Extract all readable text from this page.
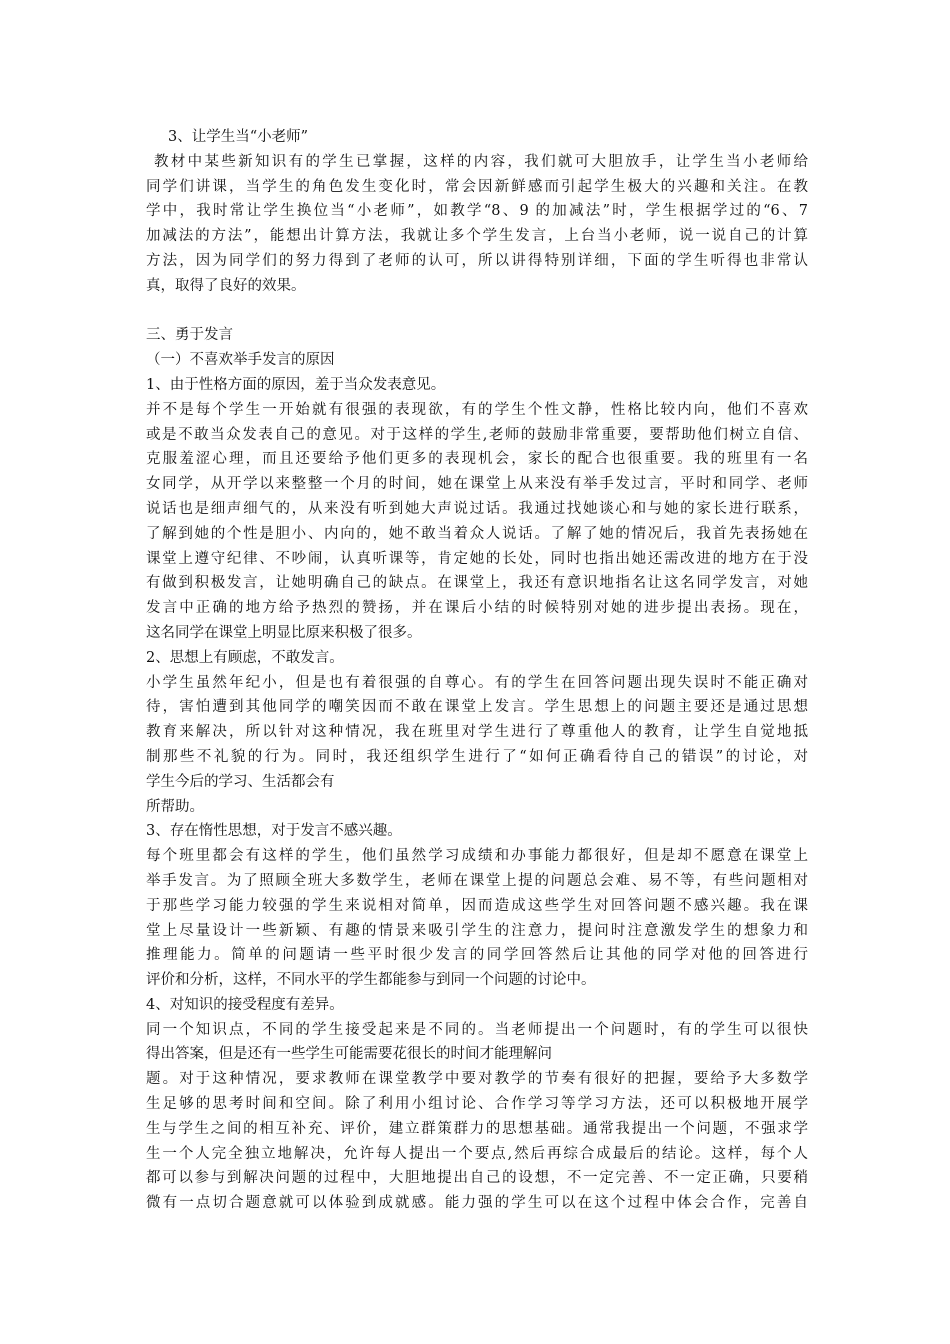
3、让学生当“小老师”
教材中某些新知识有的学生已掌握，这样的内容，我们就可大胆放手，让学生当小老师给
同学们讲课，当学生的角色发生变化时，常会因新鲜感而引起学生极大的兴趣和关注。在教
学中，我时常让学生换位当“小老师”，如教学“8、9 的加减法”时，学生根据学过的“6、7
加减法的方法”，能想出计算方法，我就让多个学生发言，上台当小老师，说一说自己的计算
方法，因为同学们的努力得到了老师的认可，所以讲得特别详细，下面的学生听得也非常认
真，取得了良好的效果。
三、勇于发言
（一）不喜欢举手发言的原因
1、由于性格方面的原因，羞于当众发表意见。
并不是每个学生一开始就有很强的表现欲，有的学生个性文静，性格比较内向，他们不喜欢
或是不敢当众发表自己的意见。对于这样的学生,老师的鼓励非常重要，要帮助他们树立自信、
克服羞涩心理，而且还要给予他们更多的表现机会，家长的配合也很重要。我的班里有一名
女同学，从开学以来整整一个月的时间，她在课堂上从来没有举手发过言，平时和同学、老师
说话也是细声细气的，从来没有听到她大声说过话。我通过找她谈心和与她的家长进行联系，
了解到她的个性是胆小、内向的，她不敢当着众人说话。了解了她的情况后，我首先表扬她在
课堂上遵守纪律、不吵闹，认真听课等，肯定她的长处，同时也指出她还需改进的地方在于没
有做到积极发言，让她明确自己的缺点。在课堂上，我还有意识地指名让这名同学发言，对她
发言中正确的地方给予热烈的赞扬，并在课后小结的时候特别对她的进步提出表扬。现在，
这名同学在课堂上明显比原来积极了很多。
2、思想上有顾虑，不敢发言。
小学生虽然年纪小，但是也有着很强的自尊心。有的学生在回答问题出现失误时不能正确对
待，害怕遭到其他同学的嘲笑因而不敢在课堂上发言。学生思想上的问题主要还是通过思想
教育来解决，所以针对这种情况，我在班里对学生进行了尊重他人的教育，让学生自觉地抵
制那些不礼貌的行为。同时，我还组织学生进行了“如何正确看待自己的错误”的讨论，对
学生今后的学习、生活都会有
所帮助。
3、存在惰性思想，对于发言不感兴趣。
每个班里都会有这样的学生，他们虽然学习成绩和办事能力都很好，但是却不愿意在课堂上
举手发言。为了照顾全班大多数学生，老师在课堂上提的问题总会难、易不等，有些问题相对
于那些学习能力较强的学生来说相对简单，因而造成这些学生对回答问题不感兴趣。我在课
堂上尽量设计一些新颖、有趣的情景来吸引学生的注意力，提问时注意激发学生的想象力和
推理能力。简单的问题请一些平时很少发言的同学回答然后让其他的同学对他的回答进行
评价和分析，这样，不同水平的学生都能参与到同一个问题的讨论中。
4、对知识的接受程度有差异。
同一个知识点，不同的学生接受起来是不同的。当老师提出一个问题时，有的学生可以很快
得出答案，但是还有一些学生可能需要花很长的时间才能理解问
题。对于这种情况，要求教师在课堂教学中要对教学的节奏有很好的把握，要给予大多数学
生足够的思考时间和空间。除了利用小组讨论、合作学习等学习方法，还可以积极地开展学
生与学生之间的相互补充、评价，建立群策群力的思想基础。通常我提出一个问题，不强求学
生一个人完全独立地解决，允许每人提出一个要点,然后再综合成最后的结论。这样，每个人
都可以参与到解决问题的过程中，大胆地提出自己的设想，不一定完善、不一定正确，只要稍
微有一点切合题意就可以体验到成就感。能力强的学生可以在这个过程中体会合作，完善自
